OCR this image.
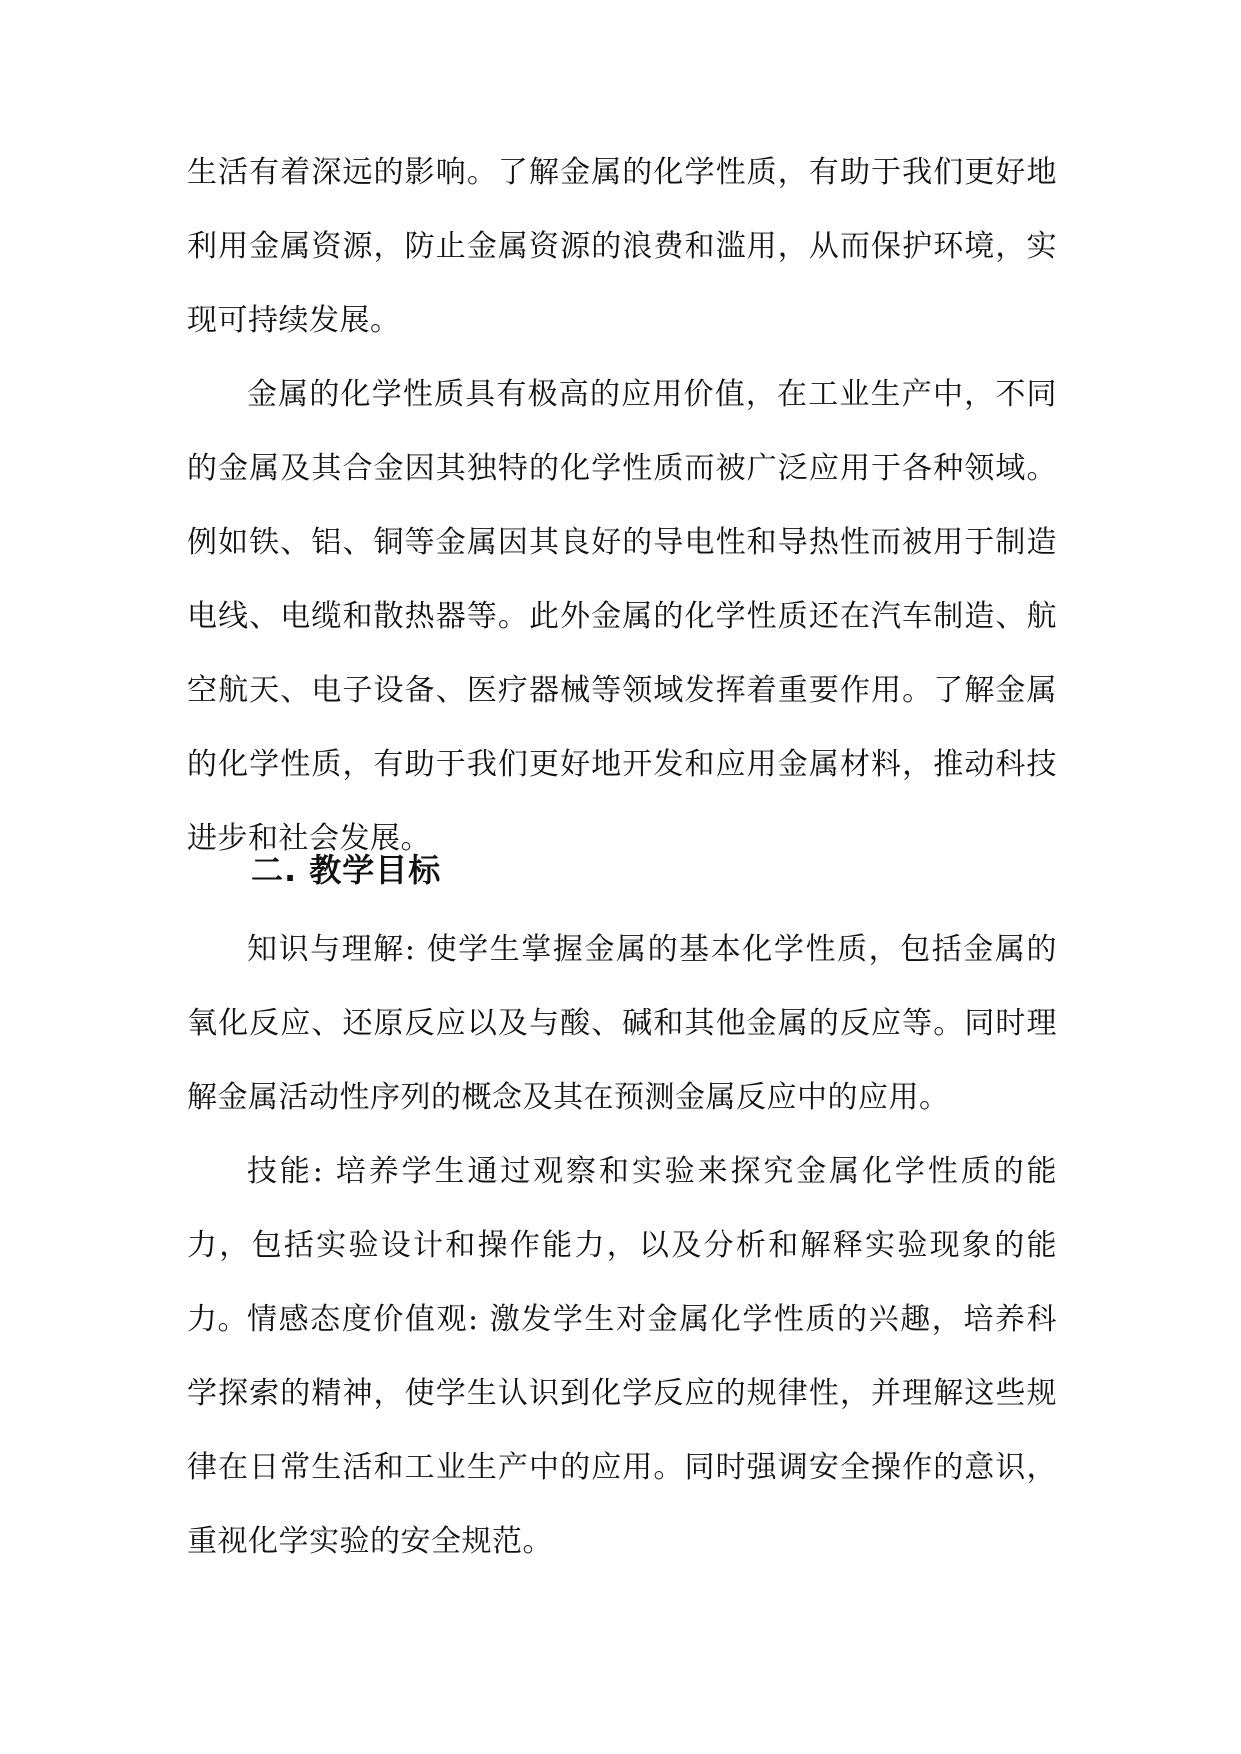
生活有着深远的影响。了解金属的化学性质，有助于我们更好地利用金属资源，防止金属资源的浪费和滥用，从而保护环境，实现可持续发展。

金属的化学性质具有极高的应用价值，在工业生产中，不同的金属及其合金因其独特的化学性质而被广泛应用于各种领域。例如铁、铝、铜等金属因其良好的导电性和导热性而被用于制造电线、电缆和散热器等。此外金属的化学性质还在汽车制造、航空航天、电子设备、医疗器械等领域发挥着重要作用。了解金属的化学性质，有助于我们更好地开发和应用金属材料，推动科技进步和社会发展。

二. 教学目标

知识与理解: 使学生掌握金属的基本化学性质，包括金属的氧化反应、还原反应以及与酸、碱和其他金属的反应等。同时理解金属活动性序列的概念及其在预测金属反应中的应用。

技能: 培养学生通过观察和实验来探究金属化学性质的能力，包括实验设计和操作能力，以及分析和解释实验现象的能力。 情感态度价值观: 激发学生对金属化学性质的兴趣，培养科学探索的精神，使学生认识到化学反应的规律性，并理解这些规律在日常生活和工业生产中的应用。同时强调安全操作的意识，重视化学实验的安全规范。
